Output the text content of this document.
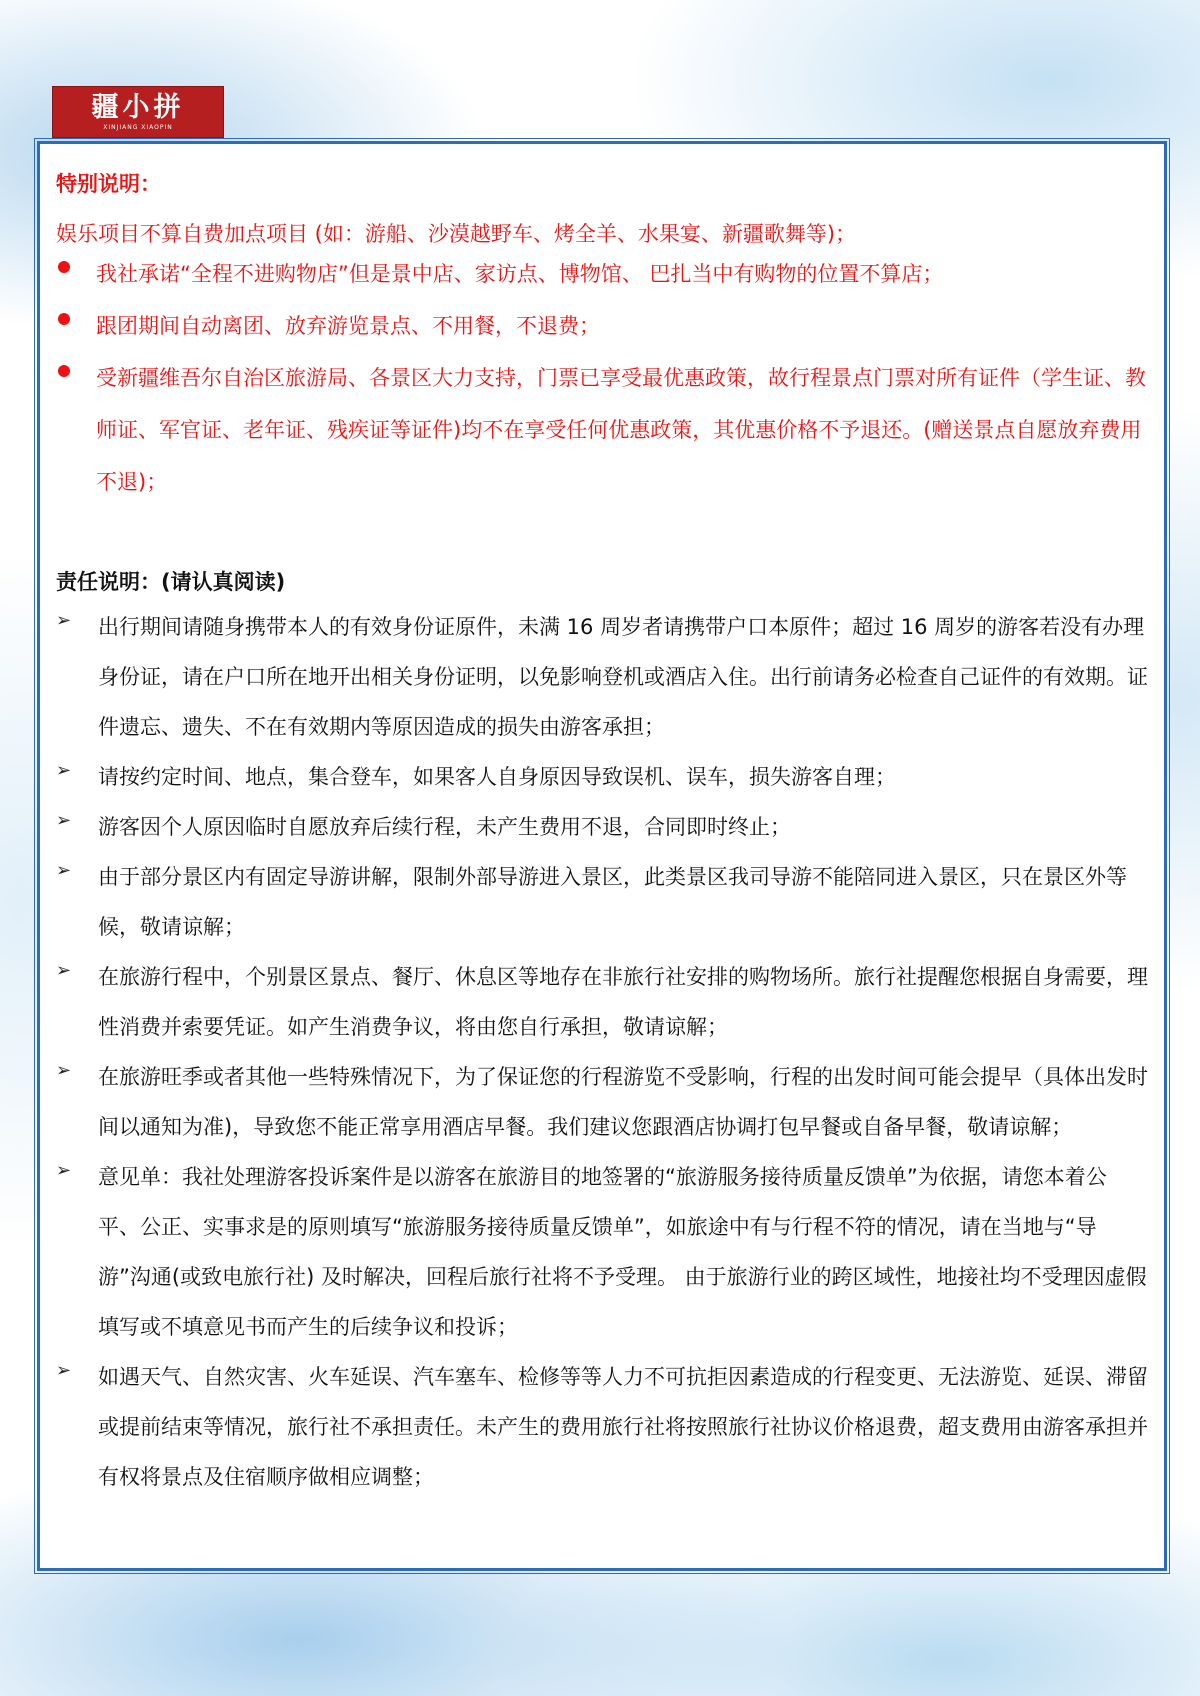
疆小拼
XINJIANG XIAOPIN

特别说明：

娱乐项目不算自费加点项目 (如：游船、沙漠越野车、烤全羊、水果宴、新疆歌舞等)；

我社承诺“全程不进购物店”但是景中店、家访点、博物馆、 巴扎当中有购物的位置不算店；
跟团期间自动离团、放弃游览景点、不用餐，不退费；
受新疆维吾尔自治区旅游局、各景区大力支持，门票已享受最优惠政策，故行程景点门票对所有证件（学生证、教师证、军官证、老年证、残疾证等证件)均不在享受任何优惠政策，其优惠价格不予退还。(赠送景点自愿放弃费用不退)；

责任说明：(请认真阅读)

➢	出行期间请随身携带本人的有效身份证原件，未满 16 周岁者请携带户口本原件；超过 16 周岁的游客若没有办理身份证，请在户口所在地开出相关身份证明，以免影响登机或酒店入住。出行前请务必检查自己证件的有效期。证件遗忘、遗失、不在有效期内等原因造成的损失由游客承担；
➢	请按约定时间、地点，集合登车，如果客人自身原因导致误机、误车，损失游客自理；
➢	游客因个人原因临时自愿放弃后续行程，未产生费用不退，合同即时终止；
➢	由于部分景区内有固定导游讲解，限制外部导游进入景区，此类景区我司导游不能陪同进入景区，只在景区外等候，敬请谅解；
➢	在旅游行程中，个别景区景点、餐厅、休息区等地存在非旅行社安排的购物场所。旅行社提醒您根据自身需要，理性消费并索要凭证。如产生消费争议，将由您自行承担，敬请谅解；
➢	在旅游旺季或者其他一些特殊情况下，为了保证您的行程游览不受影响，行程的出发时间可能会提早（具体出发时间以通知为准)，导致您不能正常享用酒店早餐。我们建议您跟酒店协调打包早餐或自备早餐，敬请谅解；
➢	意见单：我社处理游客投诉案件是以游客在旅游目的地签署的“旅游服务接待质量反馈单”为依据，请您本着公平、公正、实事求是的原则填写“旅游服务接待质量反馈单”，如旅途中有与行程不符的情况，请在当地与“导游”沟通(或致电旅行社) 及时解决，回程后旅行社将不予受理。 由于旅游行业的跨区域性，地接社均不受理因虚假填写或不填意见书而产生的后续争议和投诉；
➢	如遇天气、自然灾害、火车延误、汽车塞车、检修等等人力不可抗拒因素造成的行程变更、无法游览、延误、滞留或提前结束等情况，旅行社不承担责任。未产生的费用旅行社将按照旅行社协议价格退费，超支费用由游客承担并有权将景点及住宿顺序做相应调整；
